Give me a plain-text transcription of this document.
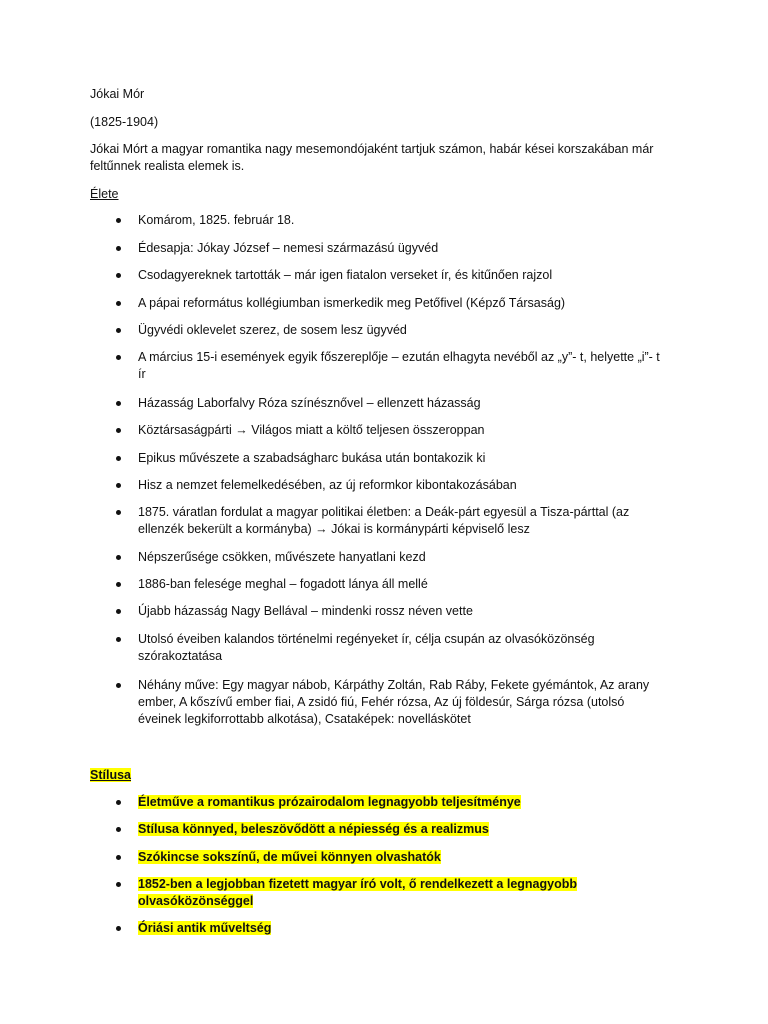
Jókai Mór
(1825-1904)
Jókai Mórt a magyar romantika nagy mesemondójaként tartjuk számon, habár kései korszakában már feltűnnek realista elemek is.
Élete
Komárom, 1825. február 18.
Édesapja: Jókay József – nemesi származású ügyvéd
Csodagyereknek tartották – már igen fiatalon verseket ír, és kitűnően rajzol
A pápai református kollégiumban ismerkedik meg Petőfivel (Képző Társaság)
Ügyvédi oklevelet szerez, de sosem lesz ügyvéd
A március 15-i események egyik főszereplője – ezután elhagyta nevéből az „y”- t, helyette „i”- t ír
Házasság Laborfalvy Róza színésznővel – ellenzett házasság
Köztársaságpárti → Világos miatt a költő teljesen összeroppan
Epikus művészete a szabadságharc bukása után bontakozik ki
Hisz a nemzet felemelkedésében, az új reformkor kibontakozásában
1875. váratlan fordulat a magyar politikai életben: a Deák-párt egyesül a Tisza-párttal (az ellenzék bekerült a kormányba) → Jókai is kormánypárti képviselő lesz
Népszerűsége csökken, művészete hanyatlani kezd
1886-ban felesége meghal – fogadott lánya áll mellé
Újabb házasság Nagy Bellával – mindenki rossz néven vette
Utolsó éveiben kalandos történelmi regényeket ír, célja csupán az olvasóközönség szórakoztatása
Néhány műve: Egy magyar nábob, Kárpáthy Zoltán, Rab Ráby, Fekete gyémántok, Az arany ember, A kőszívű ember fiai, A zsidó fiú, Fehér rózsa, Az új földesúr, Sárga rózsa (utolsó éveinek legkiforrottabb alkotása), Csataképek: novelláskötet
Stílusa
Életműve a romantikus prózairodalom legnagyobb teljesítménye
Stílusa könnyed, beleszövődött a népiesség és a realizmus
Szókincse sokszínű, de művei könnyen olvashatók
1852-ben a legjobban fizetett magyar író volt, ő rendelkezett a legnagyobb olvasóközönséggel
Óriási antik műveltség
